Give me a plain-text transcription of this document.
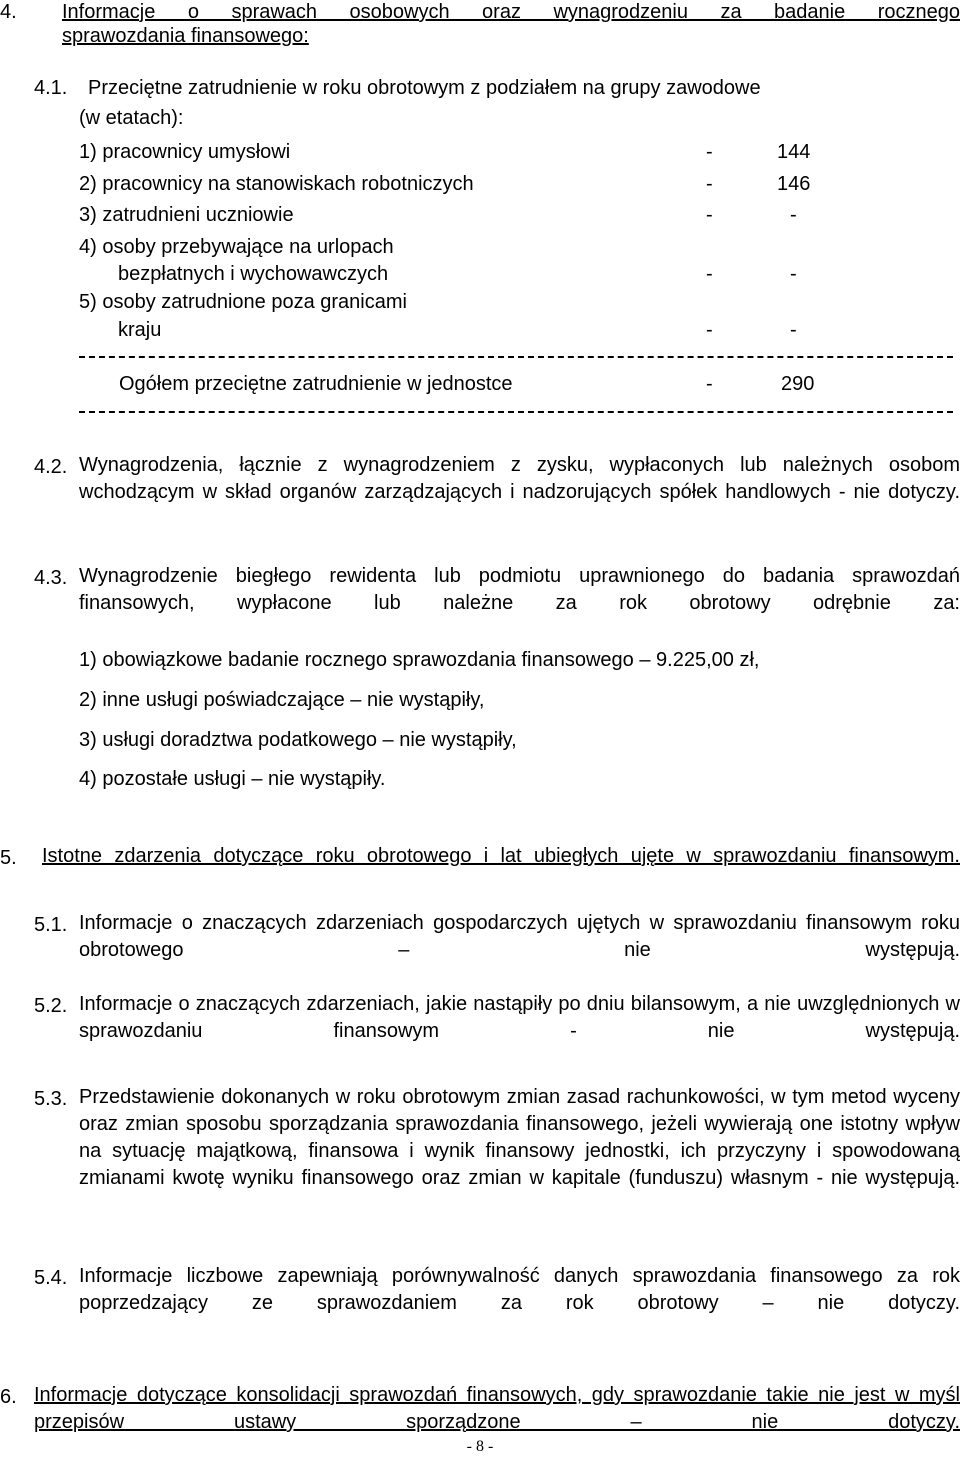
4. Informacje o sprawach osobowych oraz wynagrodzeniu za badanie rocznego
sprawozdania finansowego:
4.1. Przeciętne zatrudnienie w roku obrotowym z podziałem na grupy zawodowe
(w etatach):
1) pracownicy umysłowi	-	144
2) pracownicy na stanowiskach robotniczych	-	146
3) zatrudnieni uczniowie	-	-
4) osoby przebywające na urlopach
bezpłatnych i wychowawczych	-	-
5) osoby zatrudnione poza granicami
kraju	-	-
Ogółem przeciętne zatrudnienie w jednostce	-	290
4.2. Wynagrodzenia, łącznie z wynagrodzeniem z zysku, wypłaconych lub należnych osobom wchodzącym w skład organów zarządzających i nadzorujących spółek handlowych - nie dotyczy.
4.3. Wynagrodzenie biegłego rewidenta lub podmiotu uprawnionego do badania sprawozdań finansowych, wypłacone lub należne za rok obrotowy odrębnie za:
1) obowiązkowe badanie rocznego sprawozdania finansowego – 9.225,00 zł,
2) inne usługi poświadczające – nie wystąpiły,
3) usługi doradztwa podatkowego – nie wystąpiły,
4) pozostałe usługi – nie wystąpiły.
5. Istotne zdarzenia dotyczące roku obrotowego i lat ubiegłych ujęte w sprawozdaniu finansowym.
5.1. Informacje o znaczących zdarzeniach gospodarczych ujętych w sprawozdaniu finansowym roku obrotowego – nie występują.
5.2. Informacje o znaczących zdarzeniach, jakie nastąpiły po dniu bilansowym, a nie uwzględnionych w sprawozdaniu finansowym - nie występują.
5.3. Przedstawienie dokonanych w roku obrotowym zmian zasad rachunkowości, w tym metod wyceny oraz zmian sposobu sporządzania sprawozdania finansowego, jeżeli wywierają one istotny wpływ na sytuację majątkową, finansowa i wynik finansowy jednostki, ich przyczyny i spowodowaną zmianami kwotę wyniku finansowego oraz zmian w kapitale (funduszu) własnym - nie występują.
5.4. Informacje liczbowe zapewniają porównywalność danych sprawozdania finansowego za rok poprzedzający ze sprawozdaniem za rok obrotowy – nie dotyczy.
6. Informacje dotyczące konsolidacji sprawozdań finansowych, gdy sprawozdanie takie nie jest w myśl przepisów ustawy sporządzone – nie dotyczy.
- 8 -
